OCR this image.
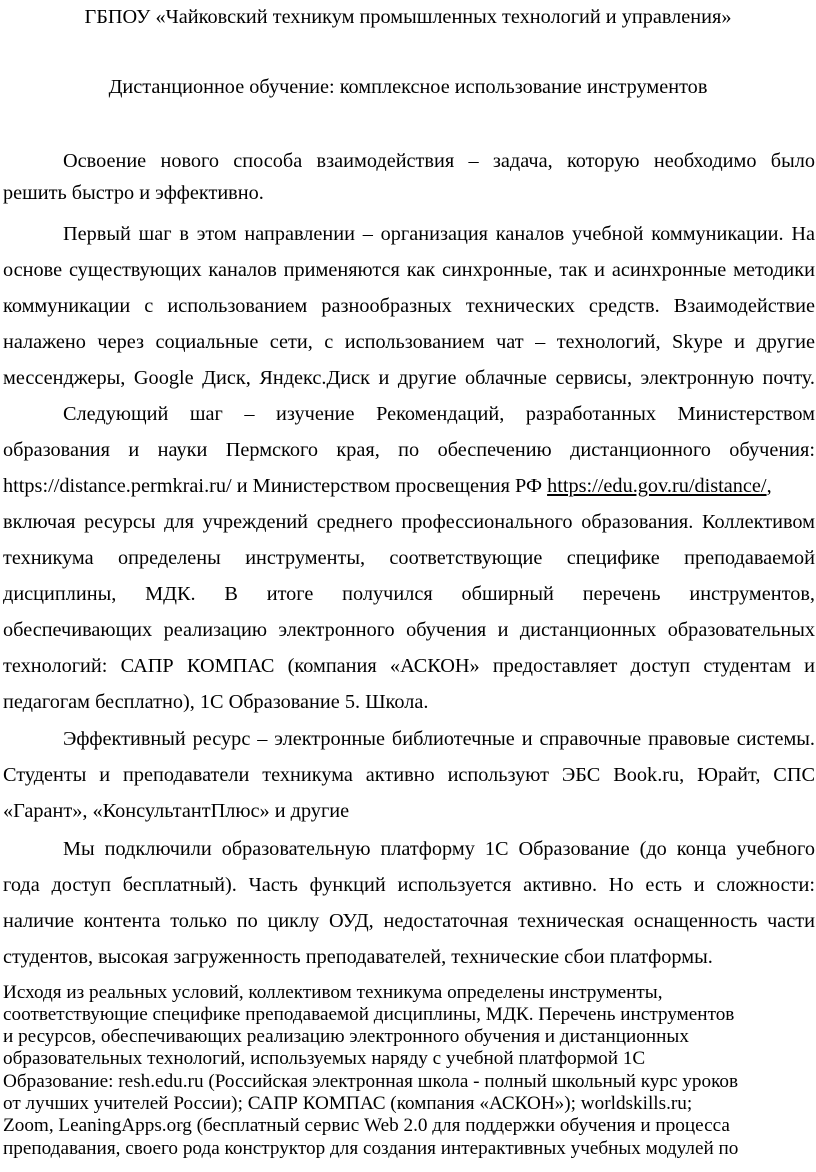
ГБПОУ «Чайковский техникум промышленных технологий и управления»
Дистанционное обучение: комплексное использование инструментов
Освоение нового способа взаимодействия – задача, которую необходимо было
решить быстро и эффективно.
Первый шаг в этом направлении – организация каналов учебной коммуникации. На
основе существующих каналов применяются как синхронные, так и асинхронные методики
коммуникации с использованием разнообразных технических средств. Взаимодействие
налажено через социальные сети, с использованием чат – технологий, Skype и другие
мессенджеры, Google Диск, Яндекс.Диск и другие облачные сервисы, электронную почту.
Следующий шаг – изучение Рекомендаций, разработанных Министерством
образования и науки Пермского края, по обеспечению дистанционного обучения:
https://distance.permkrai.ru/ и Министерством просвещения РФ https://edu.gov.ru/distance/,
включая ресурсы для учреждений среднего профессионального образования. Коллективом
техникума определены инструменты, соответствующие специфике преподаваемой
дисциплины, МДК. В итоге получился обширный перечень инструментов,
обеспечивающих реализацию электронного обучения и дистанционных образовательных
технологий: САПР КОМПАС (компания «АСКОН» предоставляет доступ студентам и
педагогам бесплатно), 1С Образование 5. Школа.
Эффективный ресурс – электронные библиотечные и справочные правовые системы.
Студенты и преподаватели техникума активно используют ЭБС Book.ru, Юрайт, СПС
«Гарант», «КонсультантПлюс» и другие
Мы подключили образовательную платформу 1С Образование (до конца учебного
года доступ бесплатный). Часть функций используется активно. Но есть и сложности:
наличие контента только по циклу ОУД, недостаточная техническая оснащенность части
студентов, высокая загруженность преподавателей, технические сбои платформы.
Исходя из реальных условий, коллективом техникума определены инструменты,
соответствующие специфике преподаваемой дисциплины, МДК. Перечень инструментов
и ресурсов, обеспечивающих реализацию электронного обучения и дистанционных
образовательных технологий, используемых наряду с учебной платформой 1С
Образование: resh.edu.ru (Российская электронная школа - полный школьный курс уроков
от лучших учителей России); САПР КОМПАС (компания «АСКОН»); worldskills.ru;
Zoom, LeaningApps.org (бесплатный сервис Web 2.0 для поддержки обучения и процесса
преподавания, своего рода конструктор для создания интерактивных учебных модулей по
